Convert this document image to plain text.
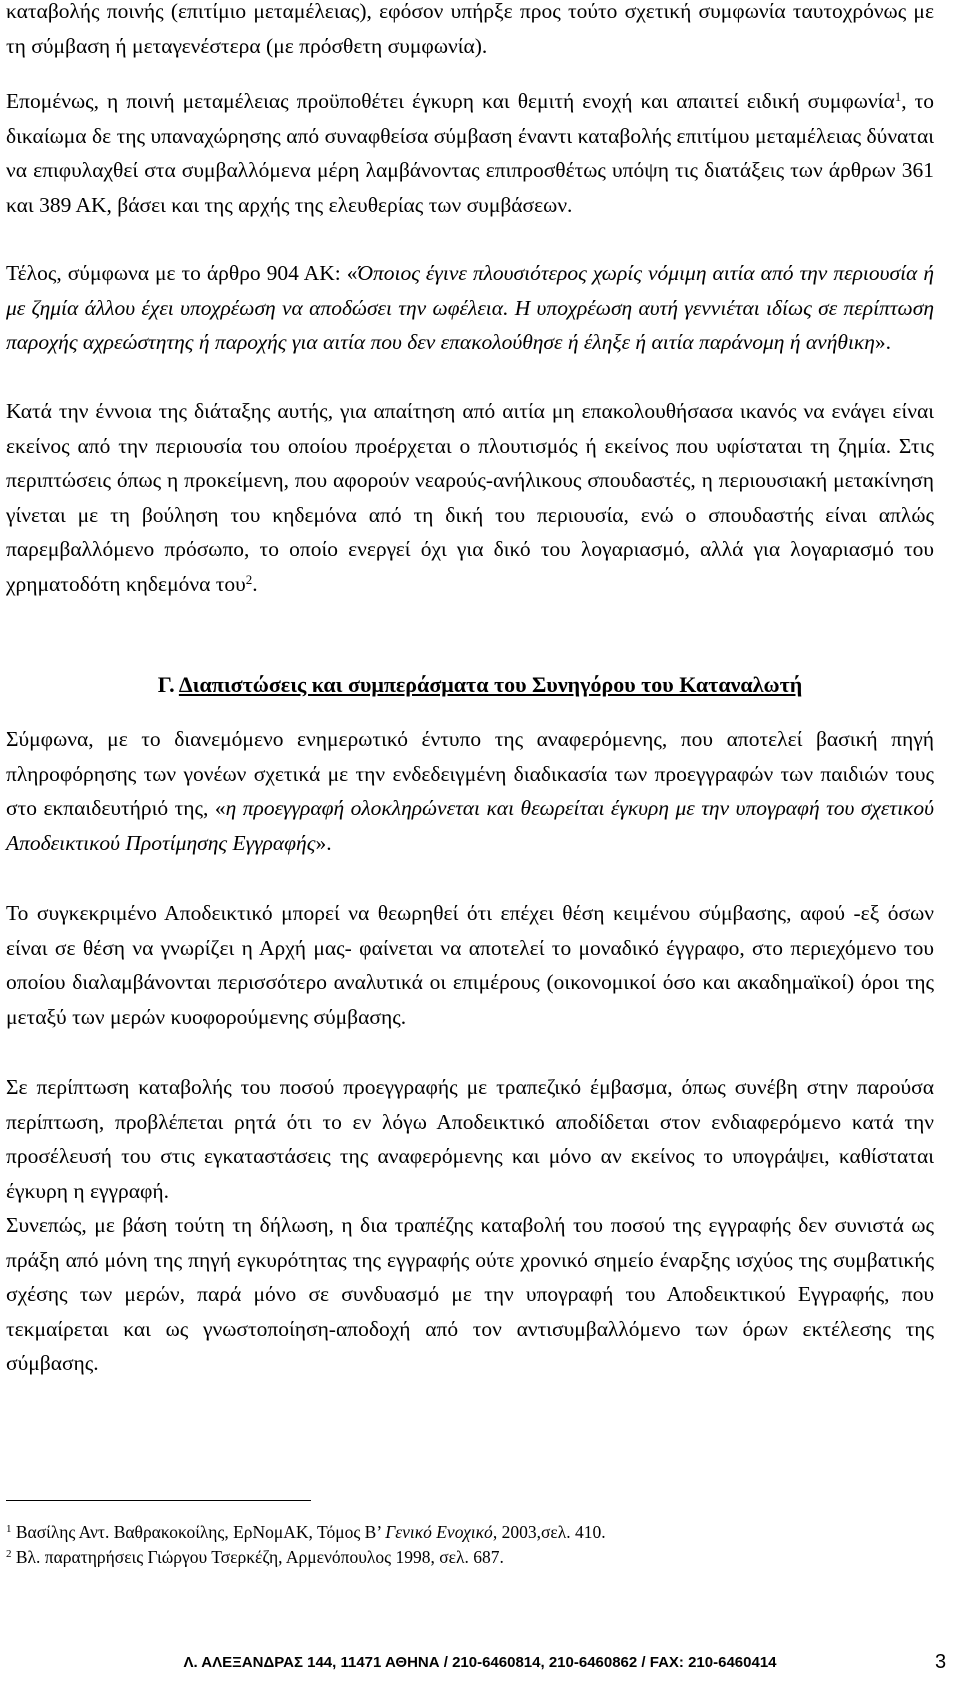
καταβολής ποινής (επιτίμιο μεταμέλειας), εφόσον υπήρξε προς τούτο σχετική συμφωνία ταυτοχρόνως με τη σύμβαση ή μεταγενέστερα (με πρόσθετη συμφωνία).

Επομένως, η ποινή μεταμέλειας προϋποθέτει έγκυρη και θεμιτή ενοχή και απαιτεί ειδική συμφωνία$^1$, το δικαίωμα δε της υπαναχώρησης από συναφθείσα σύμβαση έναντι καταβολής επιτίμου μεταμέλειας δύναται να επιφυλαχθεί στα συμβαλλόμενα μέρη λαμβάνοντας επιπροσθέτως υπόψη τις διατάξεις των άρθρων 361 και 389 ΑΚ, βάσει και της αρχής της ελευθερίας των συμβάσεων.

Τέλος, σύμφωνα με το άρθρο 904 ΑΚ: «Όποιος έγινε πλουσιότερος χωρίς νόμιμη αιτία από την περιουσία ή με ζημία άλλου έχει υποχρέωση να αποδώσει την ωφέλεια. Η υποχρέωση αυτή γεννιέται ιδίως σε περίπτωση παροχής αχρεώστητης ή παροχής για αιτία που δεν επακολούθησε ή έληξε ή αιτία παράνομη ή ανήθικη».

Κατά την έννοια της διάταξης αυτής, για απαίτηση από αιτία μη επακολουθήσασα ικανός να ενάγει είναι εκείνος από την περιουσία του οποίου προέρχεται ο πλουτισμός ή εκείνος που υφίσταται τη ζημία. Στις περιπτώσεις όπως η προκείμενη, που αφορούν νεαρούς-ανήλικους σπουδαστές, η περιουσιακή μετακίνηση γίνεται με τη βούληση του κηδεμόνα από τη δική του περιουσία, ενώ ο σπουδαστής είναι απλώς παρεμβαλλόμενο πρόσωπο, το οποίο ενεργεί όχι για δικό του λογαριασμό, αλλά για λογαριασμό του χρηματοδότη κηδεμόνα του$^2$.

Γ. Διαπιστώσεις και συμπεράσματα του Συνηγόρου του Καταναλωτή

Σύμφωνα, με το διανεμόμενο ενημερωτικό έντυπο της αναφερόμενης, που αποτελεί βασική πηγή πληροφόρησης των γονέων σχετικά με την ενδεδειγμένη διαδικασία των προεγγραφών των παιδιών τους στο εκπαιδευτήριό της, «η προεγγραφή ολοκληρώνεται και θεωρείται έγκυρη με την υπογραφή του σχετικού Αποδεικτικού Προτίμησης Εγγραφής».

Το συγκεκριμένο Αποδεικτικό μπορεί να θεωρηθεί ότι επέχει θέση κειμένου σύμβασης, αφού -εξ όσων είναι σε θέση να γνωρίζει η Αρχή μας- φαίνεται να αποτελεί το μοναδικό έγγραφο, στο περιεχόμενο του οποίου διαλαμβάνονται περισσότερο αναλυτικά οι επιμέρους (οικονομικοί όσο και ακαδημαϊκοί) όροι της μεταξύ των μερών κυοφορούμενης σύμβασης.

Σε περίπτωση καταβολής του ποσού προεγγραφής με τραπεζικό έμβασμα, όπως συνέβη στην παρούσα περίπτωση, προβλέπεται ρητά ότι το εν λόγω Αποδεικτικό αποδίδεται στον ενδιαφερόμενο κατά την προσέλευσή του στις εγκαταστάσεις της αναφερόμενης και μόνο αν εκείνος το υπογράψει, καθίσταται έγκυρη η εγγραφή.

Συνεπώς, με βάση τούτη τη δήλωση, η δια τραπέζης καταβολή του ποσού της εγγραφής δεν συνιστά ως πράξη από μόνη της πηγή εγκυρότητας της εγγραφής ούτε χρονικό σημείο έναρξης ισχύος της συμβατικής σχέσης των μερών, παρά μόνο σε συνδυασμό με την υπογραφή του Αποδεικτικού Εγγραφής, που τεκμαίρεται και ως γνωστοποίηση-αποδοχή από τον αντισυμβαλλόμενο των όρων εκτέλεσης της σύμβασης.

$^1$ Βασίλης Αντ. Βαθρακοκοίλης, ΕρΝομΑΚ, Τόμος Β’ Γενικό Ενοχικό, 2003,σελ. 410.
$^2$ Βλ. παρατηρήσεις Γιώργου Τσερκέζη, Αρμενόπουλος 1998, σελ. 687.
Λ. ΑΛΕΞΑΝΔΡΑΣ 144, 11471 ΑΘΗΝΑ / 210-6460814, 210-6460862 / FAX: 210-6460414	3
